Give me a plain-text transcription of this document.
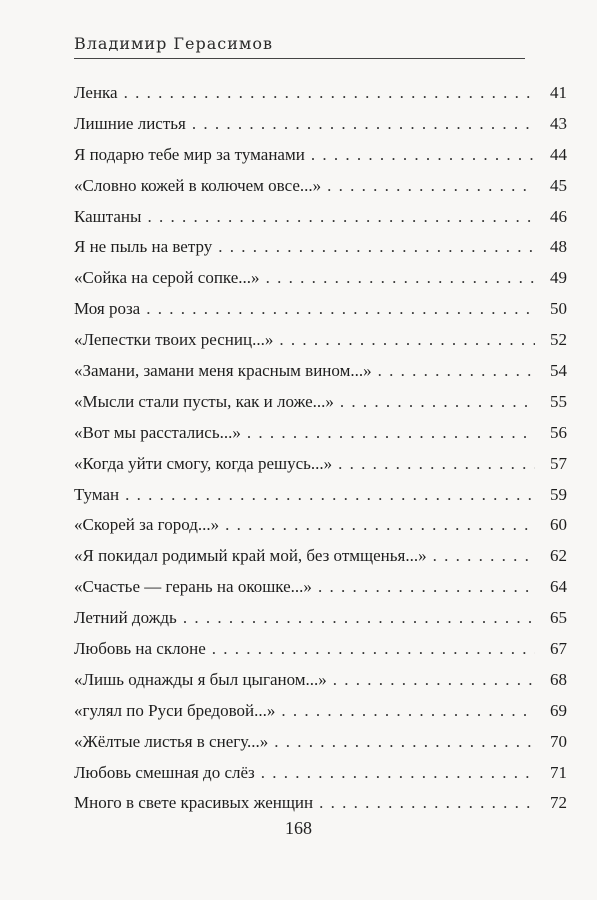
Владимир Герасимов
Ленка . . .	41
Лишние листья . . .	43
Я подарю тебе мир за туманами . . .	44
«Словно кожей в колючем овсе...» . . .	45
Каштаны . . .	46
Я не пыль на ветру . . .	48
«Сойка на серой сопке...» . . .	49
Моя роза . . .	50
«Лепестки твоих ресниц...» . . .	52
«Замани, замани меня красным вином...» . . .	54
«Мысли стали пусты, как и ложе...» . . .	55
«Вот мы расстались...» . . .	56
«Когда уйти смогу, когда решусь...» . . .	57
Туман . . .	59
«Скорей за город...» . . .	60
«Я покидал родимый край мой, без отмщенья...» . . .	62
«Счастье — герань на окошке...» . . .	64
Летний дождь . . .	65
Любовь на склоне . . .	67
«Лишь однажды я был цыганом...» . . .	68
«гулял по Руси бредовой...» . . .	69
«Жёлтые листья в снегу...» . . .	70
Любовь смешная до слёз . . .	71
Много в свете красивых женщин . . .	72
168
